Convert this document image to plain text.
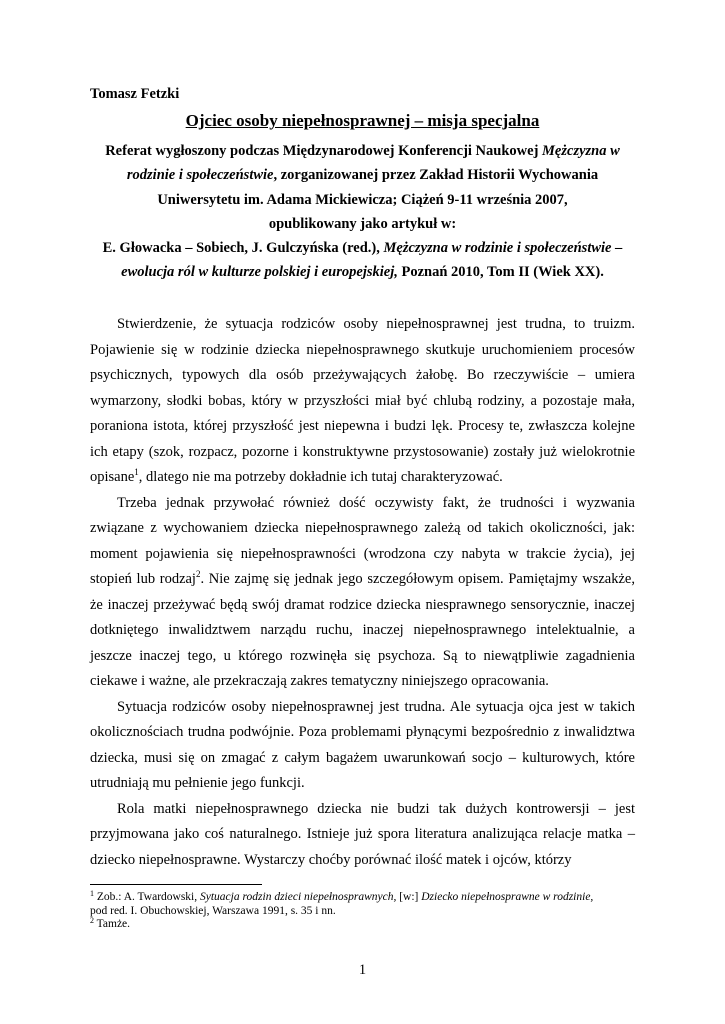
Tomasz Fetzki
Ojciec osoby niepełnosprawnej – misja specjalna
Referat wygłoszony podczas Międzynarodowej Konferencji Naukowej Mężczyzna w
rodzinie i społeczeństwie, zorganizowanej przez Zakład Historii Wychowania
Uniwersytetu im. Adama Mickiewicza; Ciążeń 9-11 września 2007,
opublikowany jako artykuł w:
E. Głowacka – Sobiech, J. Gulczyńska (red.), Mężczyzna w rodzinie i społeczeństwie –
ewolucja ról w kulturze polskiej i europejskiej, Poznań 2010, Tom II (Wiek XX).

Stwierdzenie, że sytuacja rodziców osoby niepełnosprawnej jest trudna, to truizm. Pojawienie się w rodzinie dziecka niepełnosprawnego skutkuje uruchomieniem procesów psychicznych, typowych dla osób przeżywających żałobę. Bo rzeczywiście – umiera wymarzony, słodki bobas, który w przyszłości miał być chlubą rodziny, a pozostaje mała, poraniona istota, której przyszłość jest niepewna i budzi lęk. Procesy te, zwłaszcza kolejne ich etapy (szok, rozpacz, pozorne i konstruktywne przystosowanie) zostały już wielokrotnie opisane$^1$, dlatego nie ma potrzeby dokładnie ich tutaj charakteryzować.

Trzeba jednak przywołać również dość oczywisty fakt, że trudności i wyzwania związane z wychowaniem dziecka niepełnosprawnego zależą od takich okoliczności, jak: moment pojawienia się niepełnosprawności (wrodzona czy nabyta w trakcie życia), jej stopień lub rodzaj$^2$. Nie zajmę się jednak jego szczegółowym opisem. Pamiętajmy wszakże, że inaczej przeżywać będą swój dramat rodzice dziecka niesprawnego sensorycznie, inaczej dotkniętego inwalidztwem narządu ruchu, inaczej niepełnosprawnego intelektualnie, a jeszcze inaczej tego, u którego rozwinęła się psychoza. Są to niewątpliwie zagadnienia ciekawe i ważne, ale przekraczają zakres tematyczny niniejszego opracowania.

Sytuacja rodziców osoby niepełnosprawnej jest trudna. Ale sytuacja ojca jest w takich okolicznościach trudna podwójnie. Poza problemami płynącymi bezpośrednio z inwalidztwa dziecka, musi się on zmagać z całym bagażem uwarunkowań socjo – kulturowych, które utrudniają mu pełnienie jego funkcji.

Rola matki niepełnosprawnego dziecka nie budzi tak dużych kontrowersji – jest przyjmowana jako coś naturalnego. Istnieje już spora literatura analizująca relacje matka – dziecko niepełnosprawne. Wystarczy choćby porównać ilość matek i ojców, którzy

$^1$ Zob.: A. Twardowski, Sytuacja rodzin dzieci niepełnosprawnych, [w:] Dziecko niepełnosprawne w rodzinie,
pod red. I. Obuchowskiej, Warszawa 1991, s. 35 i nn.
$^2$ Tamże.
1
